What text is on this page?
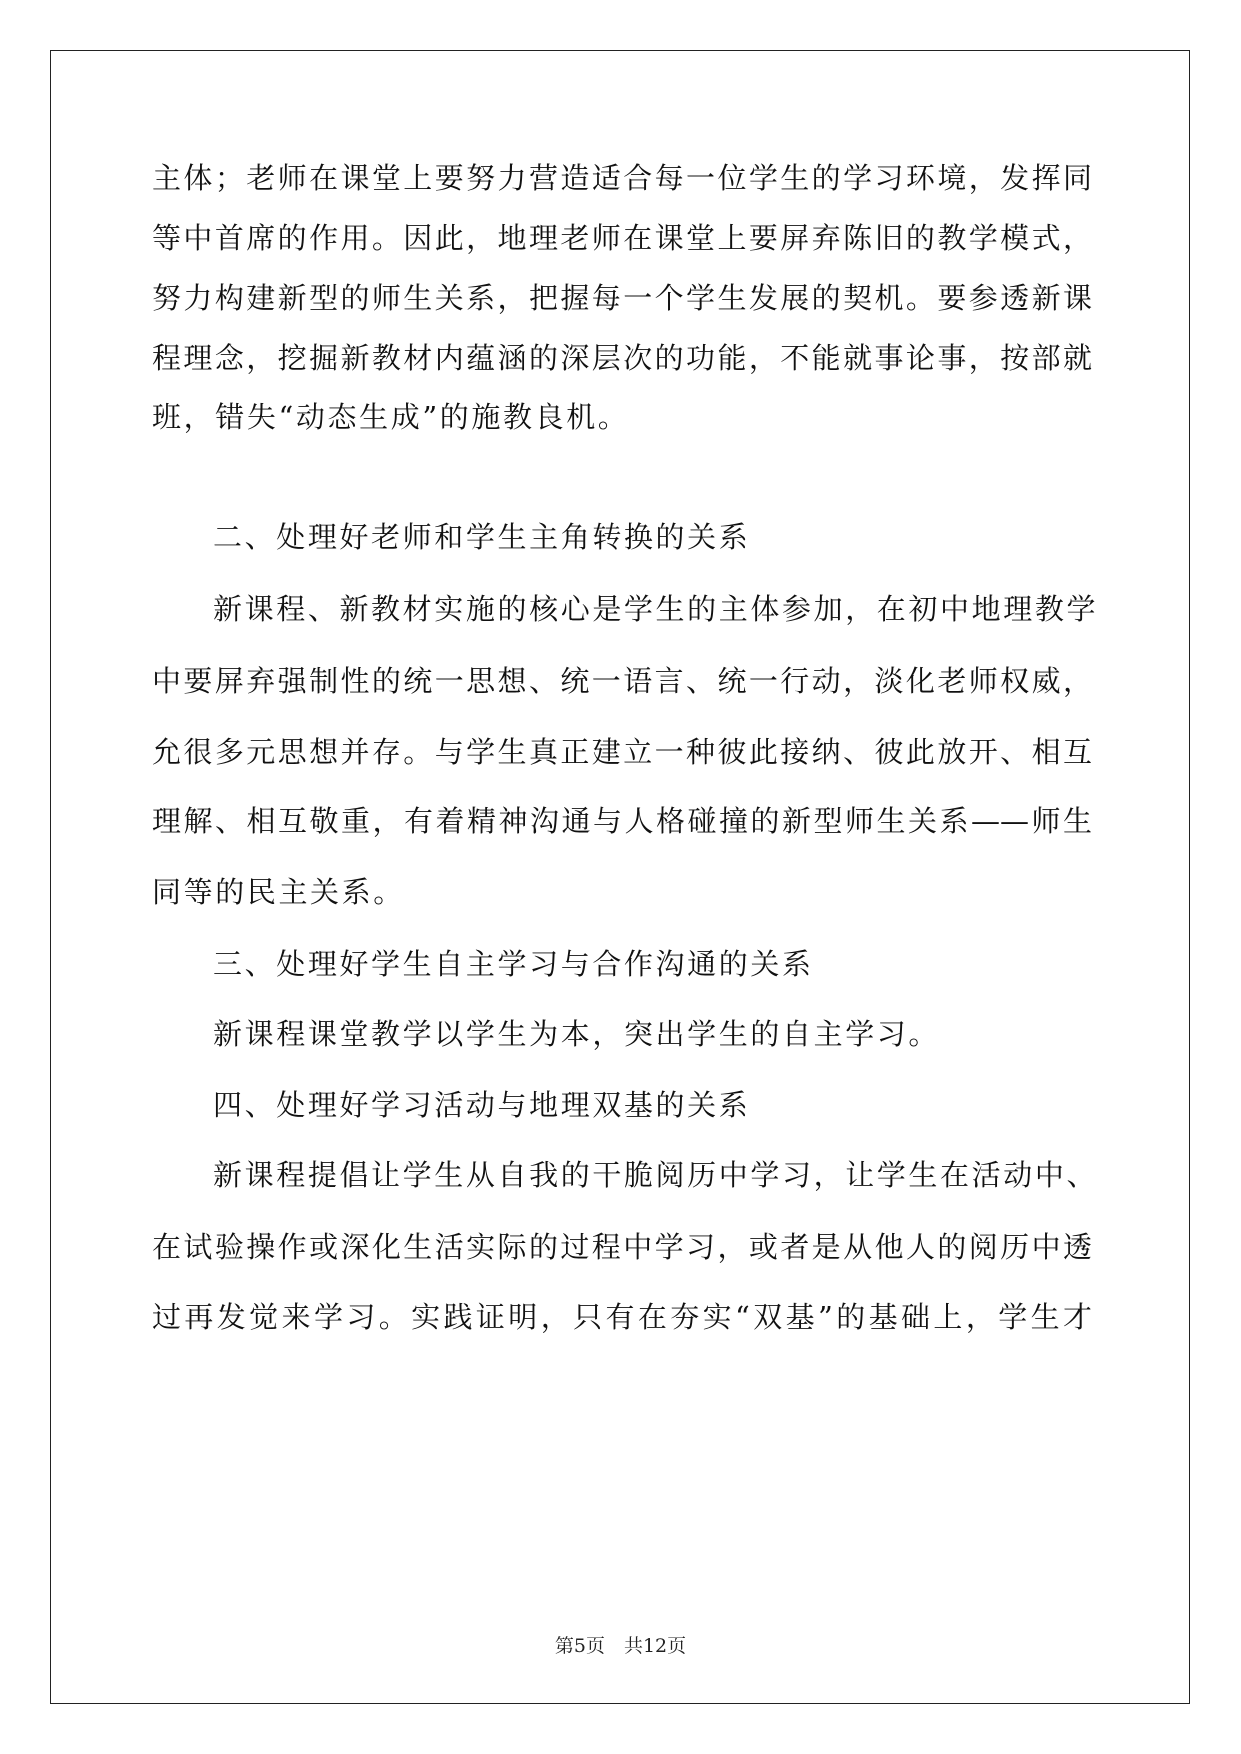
主体；老师在课堂上要努力营造适合每一位学生的学习环境，发挥同
等中首席的作用。因此，地理老师在课堂上要屏弃陈旧的教学模式，
努力构建新型的师生关系，把握每一个学生发展的契机。要参透新课
程理念，挖掘新教材内蕴涵的深层次的功能，不能就事论事，按部就
班，错失“动态生成”的施教良机。
二、处理好老师和学生主角转换的关系
新课程、新教材实施的核心是学生的主体参加，在初中地理教学
中要屏弃强制性的统一思想、统一语言、统一行动，淡化老师权威，
允很多元思想并存。与学生真正建立一种彼此接纳、彼此放开、相互
理解、相互敬重，有着精神沟通与人格碰撞的新型师生关系——师生
同等的民主关系。
三、处理好学生自主学习与合作沟通的关系
新课程课堂教学以学生为本，突出学生的自主学习。
四、处理好学习活动与地理双基的关系
新课程提倡让学生从自我的干脆阅历中学习，让学生在活动中、
在试验操作或深化生活实际的过程中学习，或者是从他人的阅历中透
过再发觉来学习。实践证明，只有在夯实“双基”的基础上，学生才
第5页　共12页
